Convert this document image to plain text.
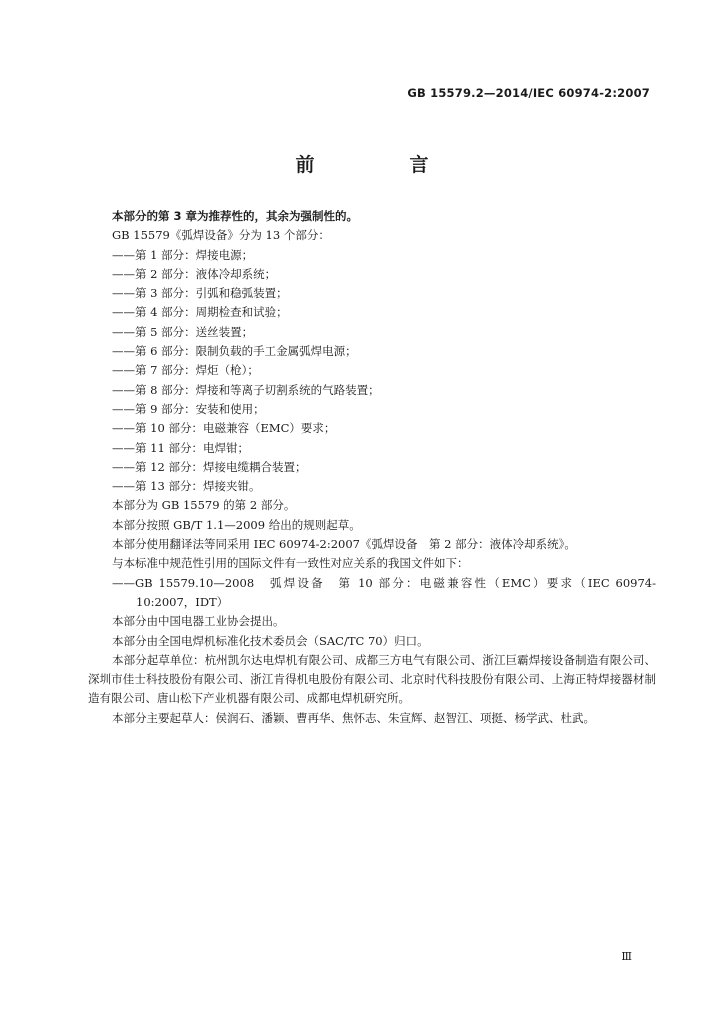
GB 15579.2—2014/IEC 60974-2:2007
前　言

本部分的第 3 章为推荐性的，其余为强制性的。

GB 15579《弧焊设备》分为 13 个部分：

——第 1 部分：焊接电源；

——第 2 部分：液体冷却系统；

——第 3 部分：引弧和稳弧装置；

——第 4 部分：周期检查和试验；

——第 5 部分：送丝装置；

——第 6 部分：限制负载的手工金属弧焊电源；

——第 7 部分：焊炬（枪）；

——第 8 部分：焊接和等离子切割系统的气路装置；

——第 9 部分：安装和使用；

——第 10 部分：电磁兼容（EMC）要求；

——第 11 部分：电焊钳；

——第 12 部分：焊接电缆耦合装置；

——第 13 部分：焊接夹钳。

本部分为 GB 15579 的第 2 部分。

本部分按照 GB/T 1.1—2009 给出的规则起草。

本部分使用翻译法等同采用 IEC 60974-2:2007《弧焊设备　第 2 部分：液体冷却系统》。

与本标准中规范性引用的国际文件有一致性对应关系的我国文件如下：

——GB 15579.10—2008　弧焊设备　第 10 部分：电磁兼容性（EMC）要求（IEC 60974-10:2007，IDT）

本部分由中国电器工业协会提出。

本部分由全国电焊机标准化技术委员会（SAC/TC 70）归口。

本部分起草单位：杭州凯尔达电焊机有限公司、成都三方电气有限公司、浙江巨霸焊接设备制造有限公司、深圳市佳士科技股份有限公司、浙江肯得机电股份有限公司、北京时代科技股份有限公司、上海正特焊接器材制造有限公司、唐山松下产业机器有限公司、成都电焊机研究所。

本部分主要起草人：侯润石、潘颖、曹再华、焦怀志、朱宣辉、赵智江、项挺、杨学武、杜武。

Ⅲ
